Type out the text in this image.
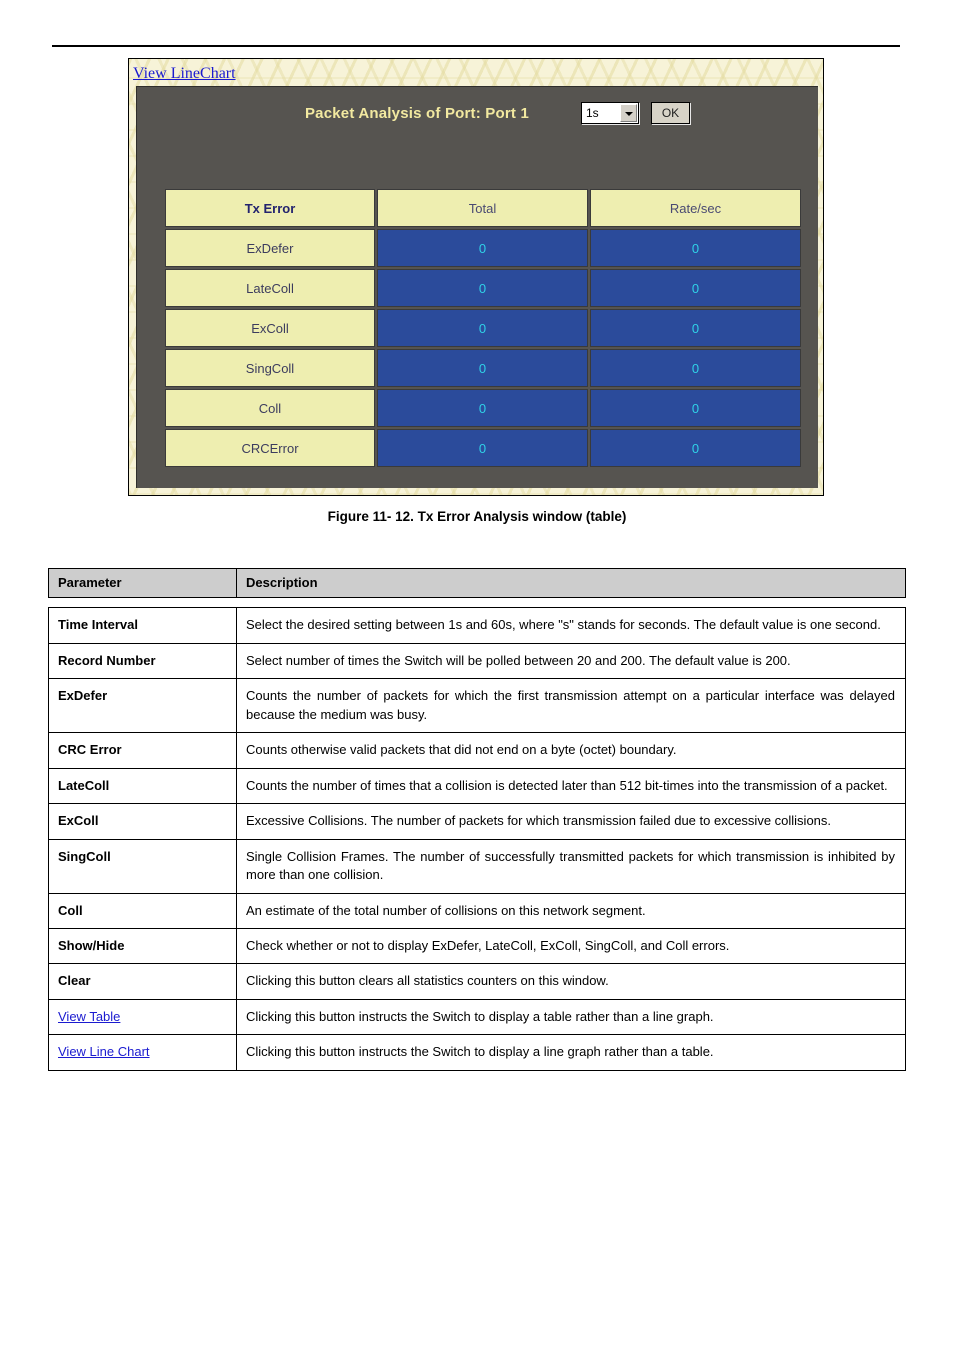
View LineChart
Packet Analysis of Port: Port 1	1s	OK
Tx Error	Total	Rate/sec
ExDefer	0	0
LateColl	0	0
ExColl	0	0
SingColl	0	0
Coll	0	0
CRCError	0	0
Figure 11- 12. Tx Error Analysis window (table)
Parameter	Description

Time Interval	Select the desired setting between 1s and 60s, where "s" stands for seconds. The default value is one second.
Record Number	Select number of times the Switch will be polled between 20 and 200. The default value is 200.
ExDefer	Counts the number of packets for which the first transmission attempt on a particular interface was delayed because the medium was busy.
CRC Error	Counts otherwise valid packets that did not end on a byte (octet) boundary.
LateColl	Counts the number of times that a collision is detected later than 512 bit-times into the transmission of a packet.
ExColl	Excessive Collisions. The number of packets for which transmission failed due to excessive collisions.
SingColl	Single Collision Frames. The number of successfully transmitted packets for which transmission is inhibited by more than one collision.
Coll	An estimate of the total number of collisions on this network segment.
Show/Hide	Check whether or not to display ExDefer, LateColl, ExColl, SingColl, and Coll errors.
Clear	Clicking this button clears all statistics counters on this window.
View Table	Clicking this button instructs the Switch to display a table rather than a line graph.
View Line Chart	Clicking this button instructs the Switch to display a line graph rather than a table.
